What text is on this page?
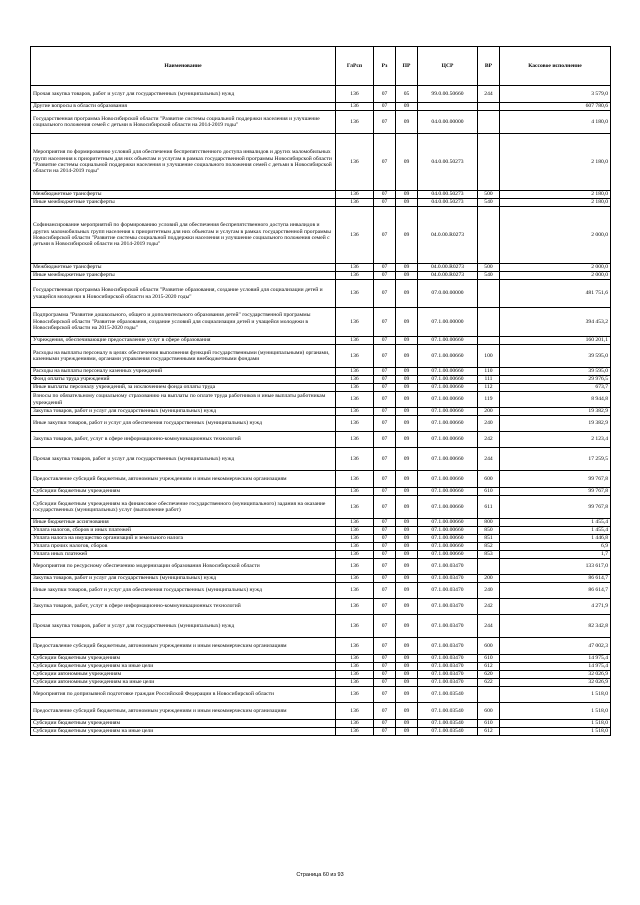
Наименование	ГлРсп	Рз	ПР	ЦСР	ВР	Кассовое исполнение
Прочая закупка товаров, работ и услуг для государственных (муниципальных) нужд	136	07	05	99.0.00.50660	244	3 579,0
Другие вопросы в области образования	136	07	09			607 780,6
Государственная программа Новосибирской области "Развитие системы социальной поддержки населения и улучшение социального положения семей с детьми в Новосибирской области на 2014-2019 годы"	136	07	09	04.0.00.00000		4 180,0
Мероприятия по формированию условий для обеспечения беспрепятственного доступа инвалидов и других маломобильных групп населения к приоритетным для них объектам и услугам в рамках государственной программы Новосибирской области "Развитие системы социальной поддержки населения и улучшение социального положения семей с детьми в Новосибирской области на 2014-2019 годы"	136	07	09	04.0.00.50273		2 180,0
Межбюджетные трансферты	136	07	09	04.0.00.50273	500	2 180,0
Иные межбюджетные трансферты	136	07	09	04.0.00.50273	540	2 180,0
Софинансирование мероприятий по формированию условий для обеспечения беспрепятственного доступа инвалидов и других маломобильных групп населения к приоритетным для них объектам и услугам в рамках государственной программы Новосибирской области "Развитие системы социальной поддержки населения и улучшение социального положения семей с детьми в Новосибирской области на 2014-2019 годы"	136	07	09	04.0.00.R0273		2 000,0
Межбюджетные трансферты	136	07	09	04.0.00.R0273	500	2 000,0
Иные межбюджетные трансферты	136	07	09	04.0.00.R0273	540	2 000,0
Государственная программа Новосибирской области "Развитие образования, создание условий для социализации детей и учащейся молодежи в Новосибирской области на 2015-2020 годы"	136	07	09	07.0.00.00000		481 751,6
Подпрограмма "Развитие дошкольного, общего и дополнительного образования детей" государственной программы Новосибирской области "Развитие образования, создание условий для социализации детей и учащейся молодежи в Новосибирской области на 2015-2020 годы"	136	07	09	07.1.00.00000		394 453,2
Учреждения, обеспечивающие предоставление услуг в сфере образования	136	07	09	07.1.00.00660		160 201,1
Расходы на выплаты персоналу в целях обеспечения выполнения функций государственными (муниципальными) органами, казенными учреждениями, органами управления государственными внебюджетными фондами	136	07	09	07.1.00.00660	100	39 595,0
Расходы на выплаты персоналу казенных учреждений	136	07	09	07.1.00.00660	110	39 595,0
Фонд оплаты труда учреждений	136	07	09	07.1.00.00660	111	29 976,5
Иные выплаты персоналу учреждений, за исключением фонда оплаты труда	136	07	09	07.1.00.00660	112	673,7
Взносы по обязательному социальному страхованию на выплаты по оплате труда работников и иные выплаты работникам учреждений	136	07	09	07.1.00.00660	119	8 944,8
Закупка товаров, работ и услуг для государственных (муниципальных) нужд	136	07	09	07.1.00.00660	200	19 382,9
Иные закупки товаров, работ и услуг для обеспечения государственных (муниципальных) нужд	136	07	09	07.1.00.00660	240	19 382,9
Закупка товаров, работ, услуг в сфере информационно-коммуникационных технологий	136	07	09	07.1.00.00660	242	2 123,4
Прочая закупка товаров, работ и услуг для государственных (муниципальных) нужд	136	07	09	07.1.00.00660	244	17 259,5
Предоставление субсидий бюджетным, автономным учреждениям и иным некоммерческим организациям	136	07	09	07.1.00.00660	600	99 767,8
Субсидии бюджетным учреждениям	136	07	09	07.1.00.00660	610	99 767,8
Субсидии бюджетным учреждениям на финансовое обеспечение государственного (муниципального) задания на оказание государственных (муниципальных) услуг (выполнение работ)	136	07	09	07.1.00.00660	611	99 767,8
Иные бюджетные ассигнования	136	07	09	07.1.00.00660	800	1 455,4
Уплата налогов, сборов и иных платежей	136	07	09	07.1.00.00660	850	1 455,4
Уплата налога на имущество организаций и земельного налога	136	07	09	07.1.00.00660	851	1 446,8
Уплата прочих налогов, сборов	136	07	09	07.1.00.00660	852	6,9
Уплата иных платежей	136	07	09	07.1.00.00660	853	1,7
Мероприятия по ресурсному обеспечению модернизации образования Новосибирской области	136	07	09	07.1.00.03470		133 617,0
Закупка товаров, работ и услуг для государственных (муниципальных) нужд	136	07	09	07.1.00.03470	200	86 614,7
Иные закупки товаров, работ и услуг для обеспечения государственных (муниципальных) нужд	136	07	09	07.1.00.03470	240	86 614,7
Закупка товаров, работ, услуг в сфере информационно-коммуникационных технологий	136	07	09	07.1.00.03470	242	4 271,9
Прочая закупка товаров, работ и услуг для государственных (муниципальных) нужд	136	07	09	07.1.00.03470	244	82 342,8
Предоставление субсидий бюджетным, автономным учреждениям и иным некоммерческим организациям	136	07	09	07.1.00.03470	600	47 002,3
Субсидии бюджетным учреждениям	136	07	09	07.1.00.03470	610	14 975,4
Субсидии бюджетным учреждениям на иные цели	136	07	09	07.1.00.03470	612	14 975,4
Субсидии автономным учреждениям	136	07	09	07.1.00.03470	620	32 026,9
Субсидии автономным учреждениям на иные цели	136	07	09	07.1.00.03470	622	32 026,9
Мероприятия по допризывной подготовке граждан Российской Федерации в Новосибирской области	136	07	09	07.1.00.03540		1 518,0
Предоставление субсидий бюджетным, автономным учреждениям и иным некоммерческим организациям	136	07	09	07.1.00.03540	600	1 518,0
Субсидии бюджетным учреждениям	136	07	09	07.1.00.03540	610	1 518,0
Субсидии бюджетным учреждениям на иные цели	136	07	09	07.1.00.03540	612	1 518,0
Страница 60 из 93
